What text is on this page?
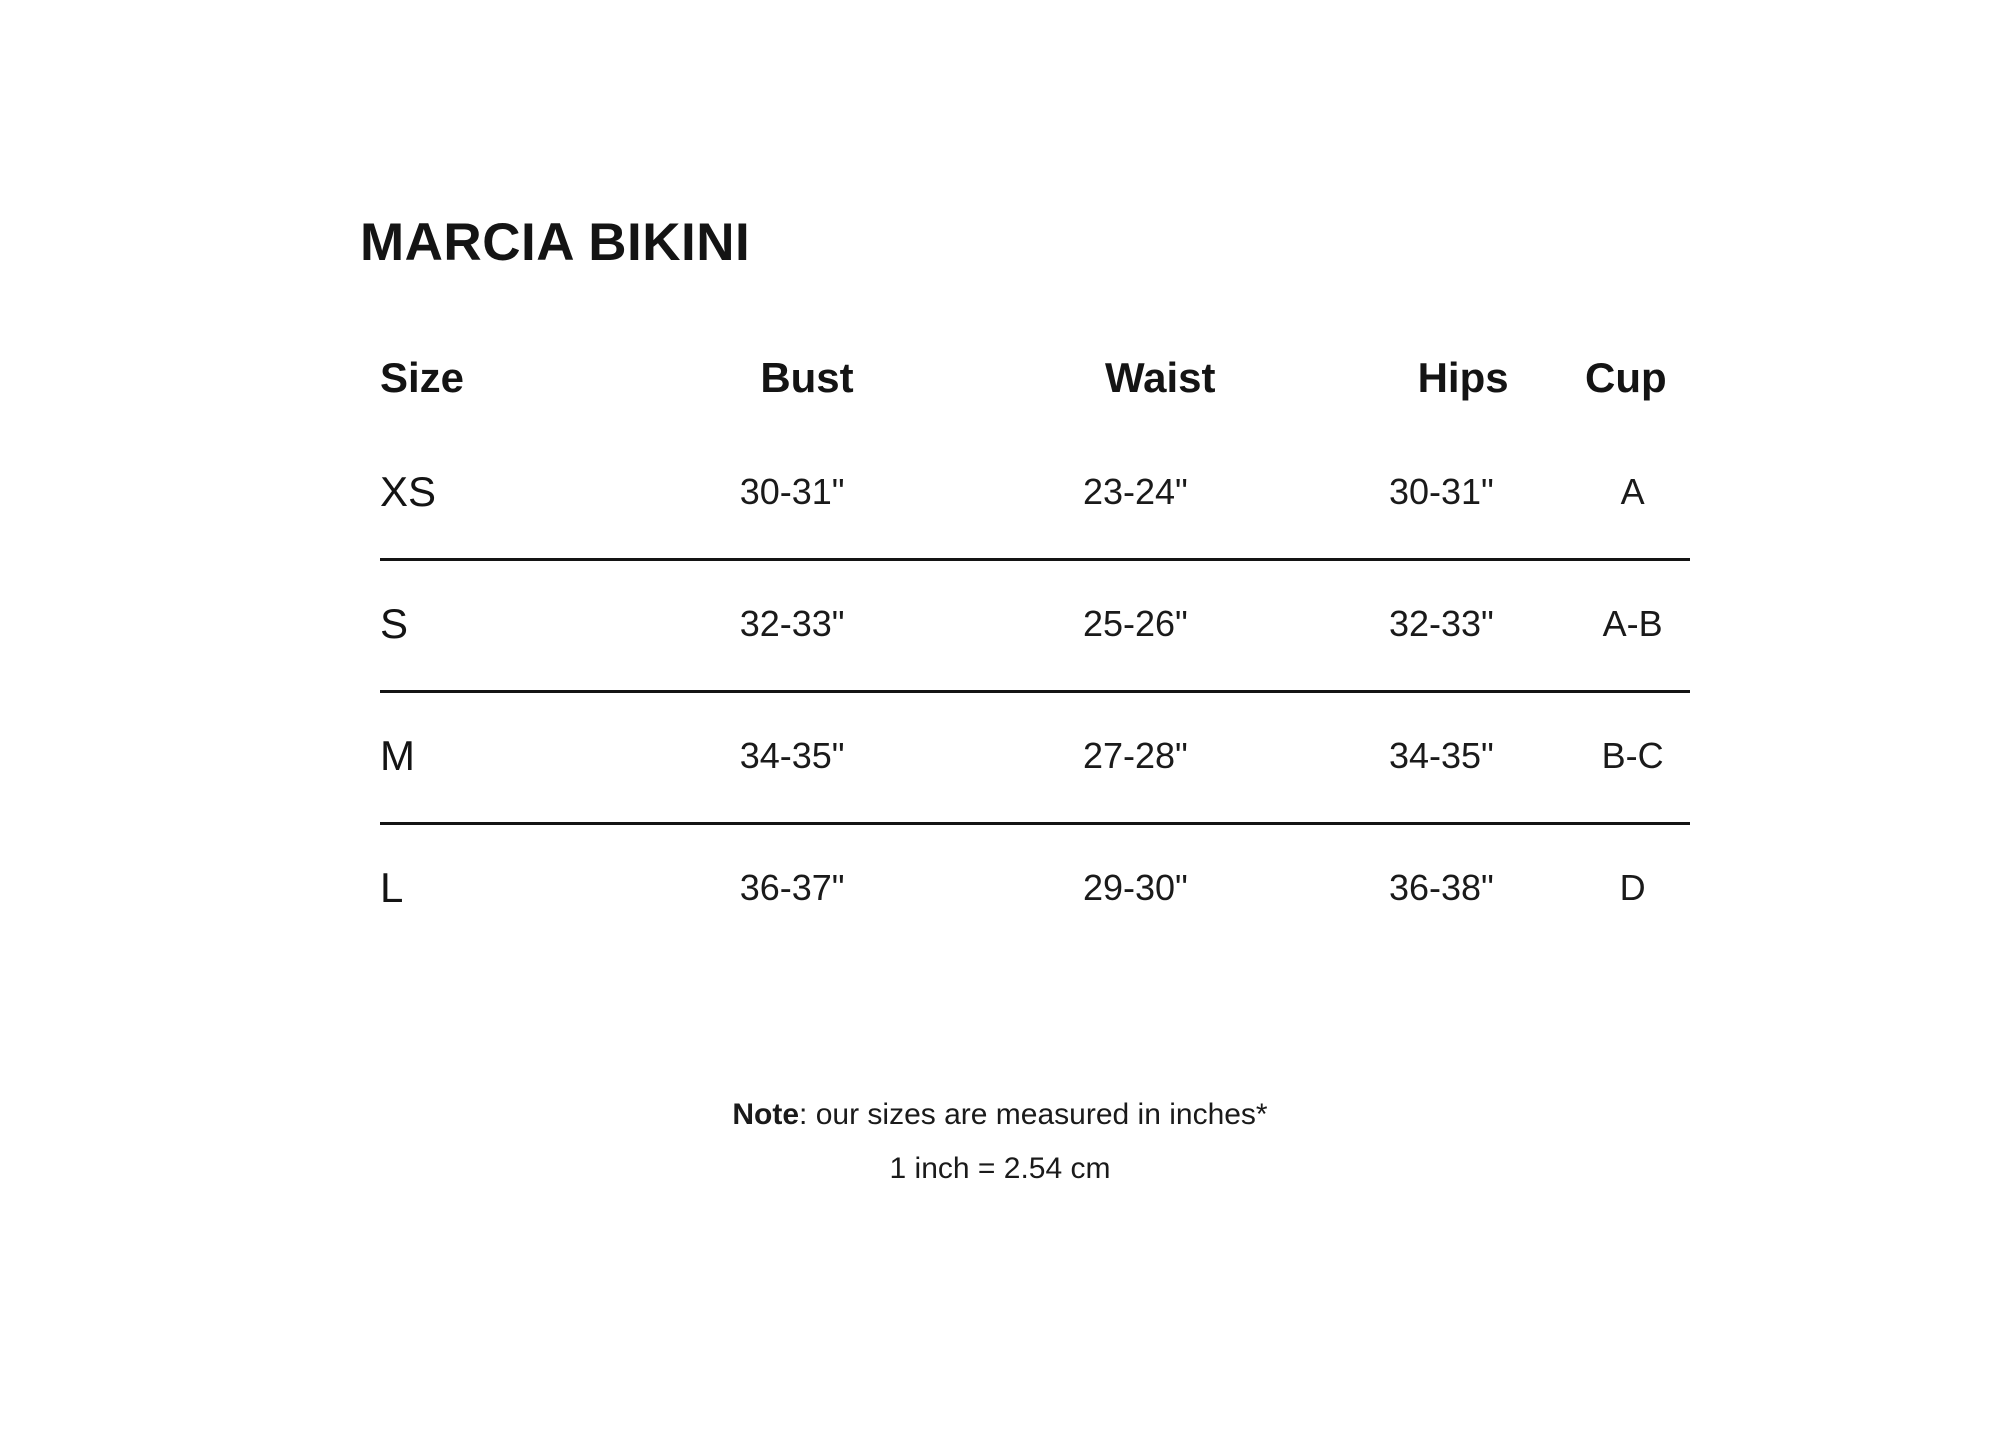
MARCIA BIKINI
Size	Bust	Waist	Hips	Cup
XS	30-31"	23-24"	30-31"	A
S	32-33"	25-26"	32-33"	A-B
M	34-35"	27-28"	34-35"	B-C
L	36-37"	29-30"	36-38"	D
Note: our sizes are measured in inches*
1 inch = 2.54 cm
